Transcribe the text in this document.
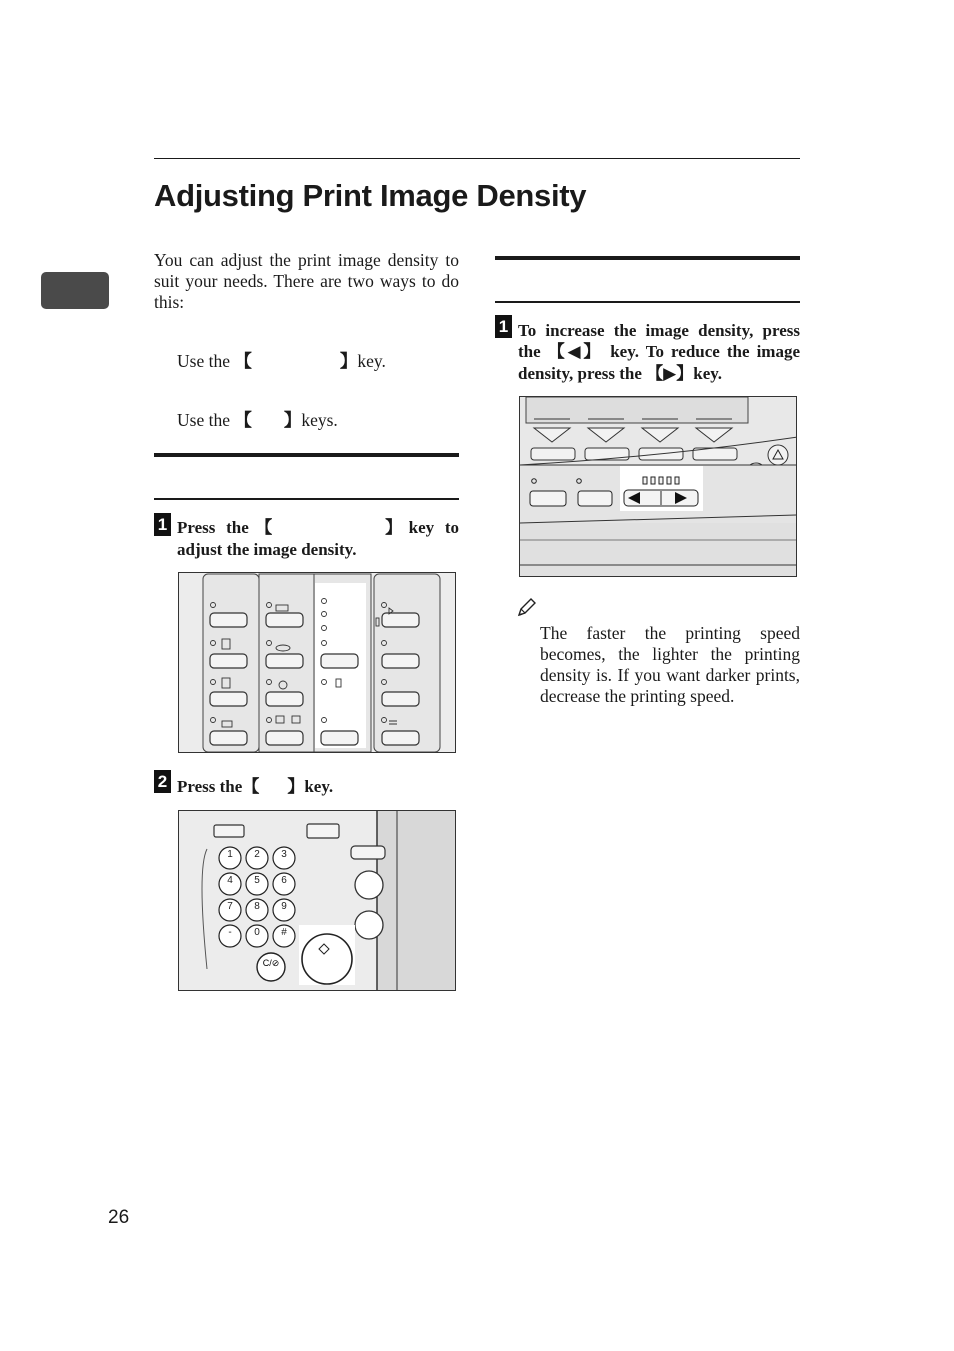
Adjusting Print Image Density

You can adjust the print image density to suit your needs. There are two ways to do this:

Use the 【	】key.
Use the 【 】keys.
1 Press the【	】key to adjust the image density.
2 Press the【 】key.
1 2 3
4 5 6
7 8 9
- 0 #
C/⊘
1 To increase the image density, press the 【◀】 key. To reduce the image density, press the 【▶】key.

The faster the printing speed becomes, the lighter the printing density is. If you want darker prints, decrease the printing speed.

26
